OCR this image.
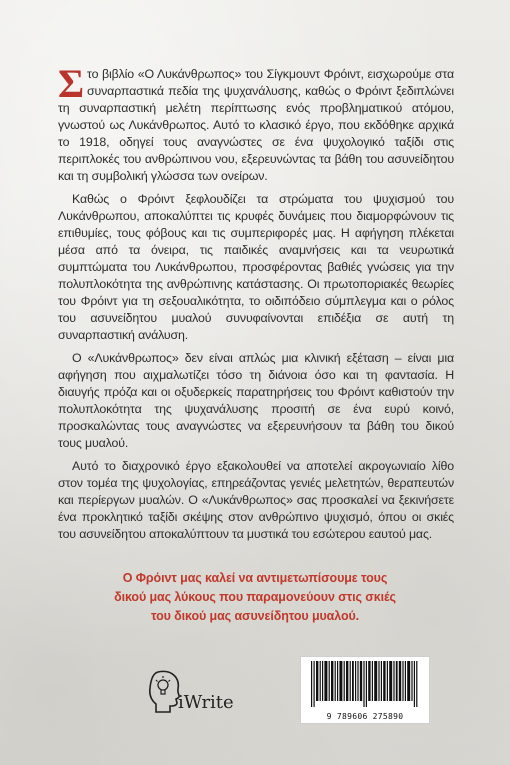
Στο βιβλίο «Ο Λυκάνθρωπος» του Σίγκμουντ Φρόιντ, εισχωρούμε στα συναρπαστικά πεδία της ψυχανάλυσης, καθώς ο Φρόιντ ξεδιπλώνει τη συναρπαστική μελέτη περίπτωσης ενός προβληματικού ατόμου, γνωστού ως Λυκάνθρωπος. Αυτό το κλασικό έργο, που εκδόθηκε αρχικά το 1918, οδηγεί τους αναγνώστες σε ένα ψυχολογικό ταξίδι στις περιπλοκές του ανθρώπινου νου, εξερευνώντας τα βάθη του ασυνείδητου και τη συμβολική γλώσσα των ονείρων.

Καθώς ο Φρόιντ ξεφλουδίζει τα στρώματα του ψυχισμού του Λυκάνθρωπου, αποκαλύπτει τις κρυφές δυνάμεις που διαμορφώνουν τις επιθυμίες, τους φόβους και τις συμπεριφορές μας. Η αφήγηση πλέκεται μέσα από τα όνειρα, τις παιδικές αναμνήσεις και τα νευρωτικά συμπτώματα του Λυκάνθρωπου, προσφέροντας βαθιές γνώσεις για την πολυπλοκότητα της ανθρώπινης κατάστασης. Οι πρωτοποριακές θεωρίες του Φρόιντ για τη σεξουαλικότητα, το οιδιπόδειο σύμπλεγμα και ο ρόλος του ασυνείδητου μυαλού συνυφαίνονται επιδέξια σε αυτή τη συναρπαστική ανάλυση.

Ο «Λυκάνθρωπος» δεν είναι απλώς μια κλινική εξέταση – είναι μια αφήγηση που αιχμαλωτίζει τόσο τη διάνοια όσο και τη φαντασία. Η διαυγής πρόζα και οι οξυδερκείς παρατηρήσεις του Φρόιντ καθιστούν την πολυπλοκότητα της ψυχανάλυσης προσιτή σε ένα ευρύ κοινό, προσκαλώντας τους αναγνώστες να εξερευνήσουν τα βάθη του δικού τους μυαλού.

Αυτό το διαχρονικό έργο εξακολουθεί να αποτελεί ακρογωνιαίο λίθο στον τομέα της ψυχολογίας, επηρεάζοντας γενιές μελετητών, θεραπευτών και περίεργων μυαλών. Ο «Λυκάνθρωπος» σας προσκαλεί να ξεκινήσετε ένα προκλητικό ταξίδι σκέψης στον ανθρώπινο ψυχισμό, όπου οι σκιές του ασυνείδητου αποκαλύπτουν τα μυστικά του εσώτερου εαυτού μας.

Ο Φρόιντ μας καλεί να αντιμετωπίσουμε τους
δικού μας λύκους που παραμονεύουν στις σκιές
του δικού μας ασυνείδητου μυαλού.
iWrite
9 789606 275890
